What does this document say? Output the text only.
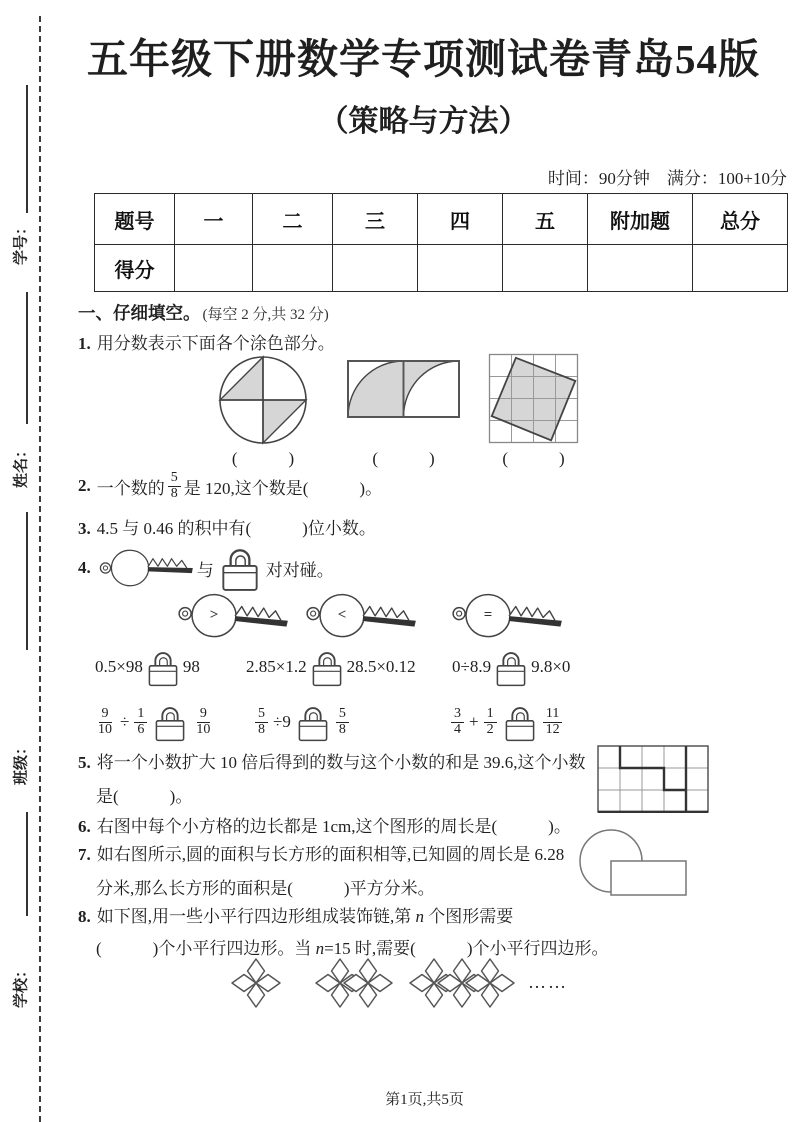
学号：
姓名：
班级：
学校：
五年级下册数学专项测试卷青岛54版
（策略与方法）
时间：90分钟　满分：100+10分
题号	一	二	三	四	五	附加题	总分
得分							
一、仔细填空。 (每空 2 分,共 32 分)
1. 用分数表示下面各个涂色部分。
(　　　)	(　　　)	(　　　)
2. 一个数的 $\frac{5}{8}$ 是 120,这个数是(　　　)。
3. 4.5 与 0.46 的积中有(　　　)位小数。
4.	与	对对碰。
>	<	=
0.5×98 98	2.85×1.2 28.5×0.12 0÷8.9 9.8×0
$\frac{9}{10} \div \frac{1}{6}$	$\frac{9}{10}$	$\frac{5}{8} \div 9$	$\frac{5}{8}$	$\frac{3}{4} + \frac{1}{2}$	$\frac{11}{12}$
5. 将一个小数扩大 10 倍后得到的数与这个小数的和是 39.6,这个小数
是(　　　)。
6. 右图中每个小方格的边长都是 1cm,这个图形的周长是(　　　)。
7. 如右图所示,圆的面积与长方形的面积相等,已知圆的周长是 6.28
分米,那么长方形的面积是(　　　)平方分米。
8. 如下图,用一些小平行四边形组成装饰链,第 n 个图形需要
(　　　)个小平行四边形。当 n=15 时,需要(　　　)个小平行四边形。
……
第1页,共5页
